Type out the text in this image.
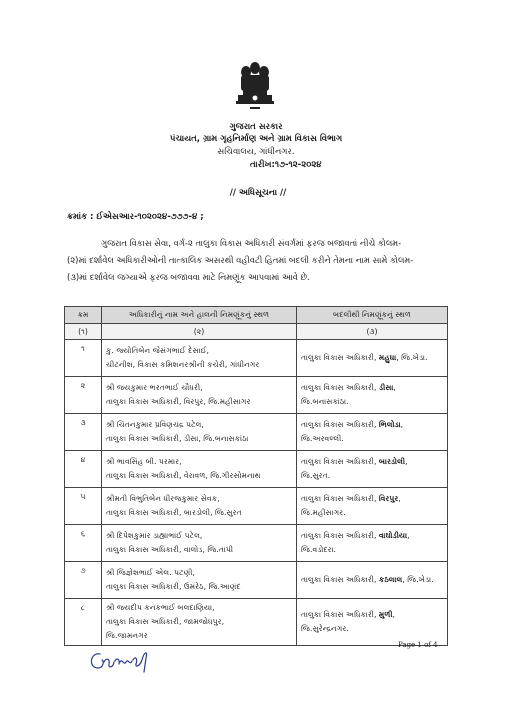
ગુજરાત સરકાર
પંચાયત, ગ્રામ ગૃહનિર્માણ અને ગ્રામ વિકાસ વિભાગ
સચિવાલય, ગાંધીનગર.
તારીખ:૧૭-૧૨-૨૦૨૪
// અધિસૂચના //
ક્રમાંક : ઈએસઆર-૧૦૨૦૨૪-૭૭૭-૪ ;
ગુજરાત વિકાસ સેવા, વર્ગ-૨ તાલુકા વિકાસ અધિકારી સંવર્ગમાં ફરજ બજાવતાં નીચે કોલમ-
(૨)માં દર્શાવેલ અધિકારીઓની તાત્કાલિક અસરથી વહીવટી હિતમાં બદલી કરીને તેમના નામ સામે કોલમ-
(૩)માં દર્શાવેલ જગ્યાએ ફરજ બજાવવા માટે નિમણૂંક આપવામાં આવે છે.
ક્રમ	અધિકારીનું નામ અને હાલની નિમણૂંકનું સ્થળ	બદલીથી નિમણૂંકનું સ્થળ
(૧)	(૨)	(૩)
૧	કુ. જ્યોતિબેન જેસંગભાઈ દેસાઈ,
ચીટનીશ, વિકાસ કમિશનરશ્રીની કચેરી, ગાંધીનગર	તાલુકા વિકાસ અધિકારી, મહુધા, જિ.ખેડા.

૨	શ્રી જયકુમાર ભરતભાઈ ચૌધરી,
તાલુકા વિકાસ અધિકારી, વિરપુર, જિ.મહીસાગર	તાલુકા વિકાસ અધિકારી, ડીસા,
જિ.બનાસકાંઠા.

૩	શ્રી ચિંતનકુમાર પ્રવિણચંદ્ર પટેલ,
તાલુકા વિકાસ અધિકારી, ડીસા, જિ.બનાસકાંઠા	તાલુકા વિકાસ અધિકારી, ભિલોડા,
જિ.અરવલ્લી.

૪	શ્રી ભાવસિંહ બી. પરમાર,
તાલુકા વિકાસ અધિકારી, વેરાવળ, જિ.ગીરસોમનાથ	તાલુકા વિકાસ અધિકારી, બારડોલી,
જિ.સુરત.

૫	શ્રીમતી વિભુતિબેન ધીરજકુમાર સેવક,
તાલુકા વિકાસ અધિકારી, બારડોલી, જિ.સુરત	તાલુકા વિકાસ અધિકારી, વિરપુર,
જિ.મહીસાગર.

૬	શ્રી દિપેશકુમાર ડાહ્યાભાઈ પટેલ,
તાલુકા વિકાસ અધિકારી, વાલોડ, જિ.તાપી	તાલુકા વિકાસ અધિકારી, વાઘોડીયા,
જિ.વડોદરા.

૭	શ્રી જિજ્ઞેશભાઈ એલ. પટણી,
તાલુકા વિકાસ અધિકારી, ઉમરેઠ, જિ.આણંદ	તાલુકા વિકાસ અધિકારી, કઠલાલ, જિ.ખેડા.

૮	શ્રી જયદીપ કનકભાઈ બલદાણિયા,
તાલુકા વિકાસ અધિકારી, જામજોધપુર,
જિ.જામનગર	તાલુકા વિકાસ અધિકારી, મુળી,
જિ.સુરેન્દ્રનગર.
Page 1 of 4
